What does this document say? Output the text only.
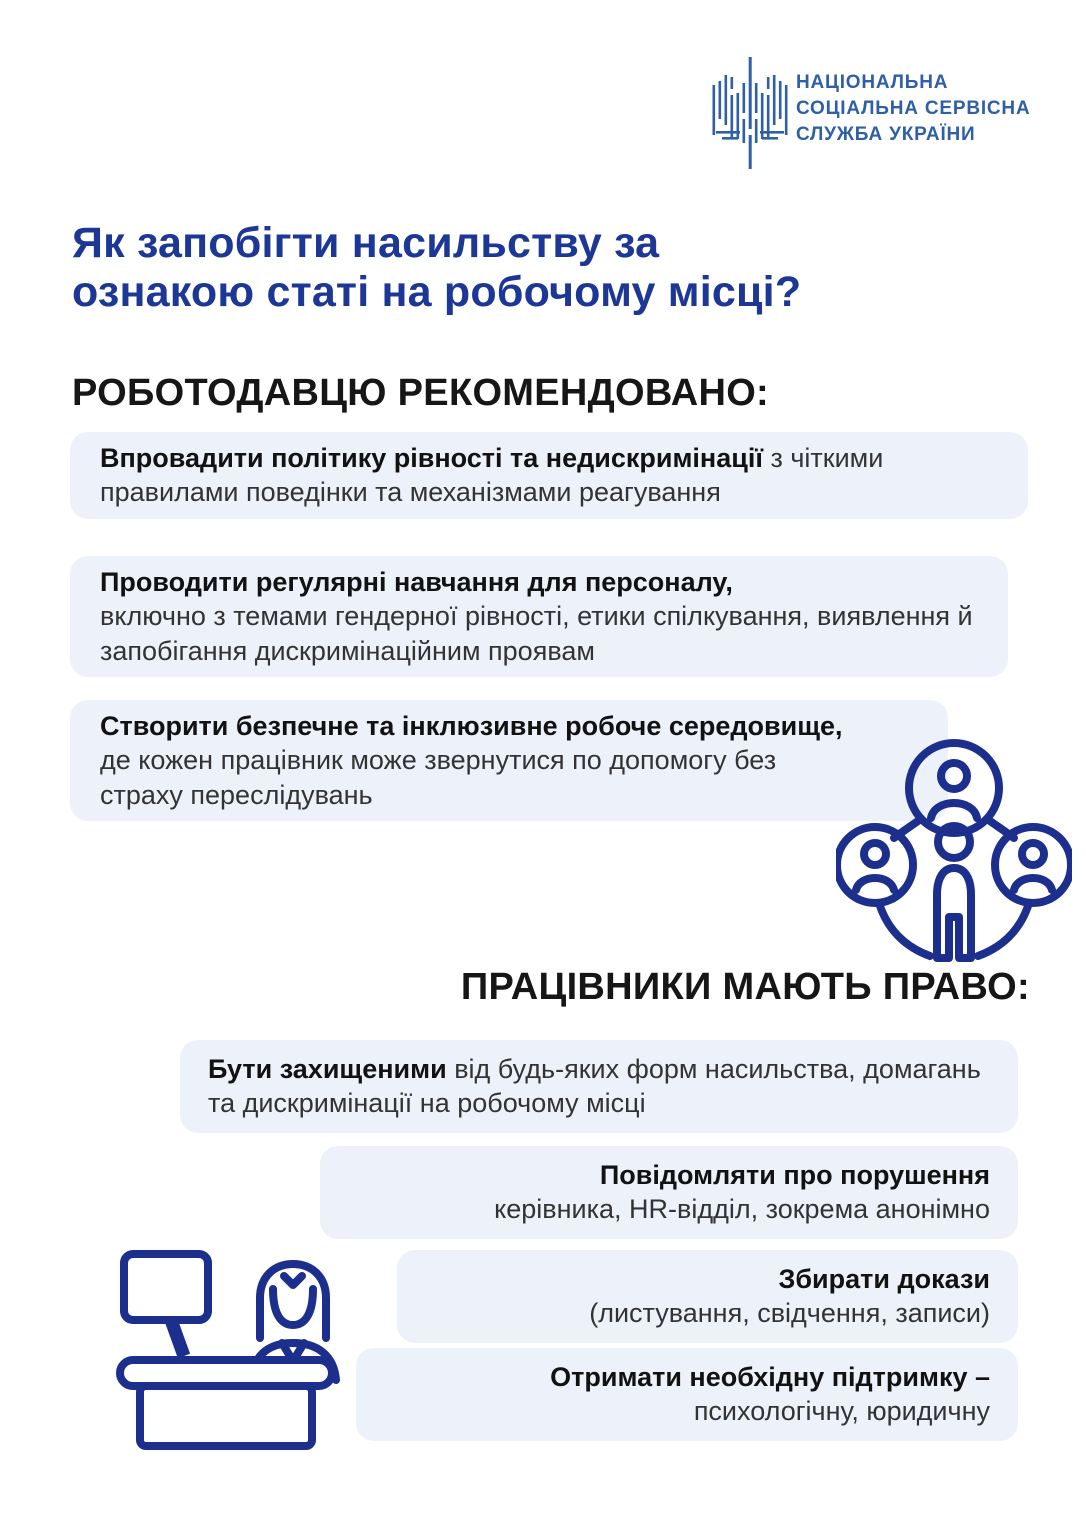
НАЦІОНАЛЬНА
СОЦІАЛЬНА СЕРВІСНА
СЛУЖБА УКРАЇНИ
Як запобігти насильству за
ознакою статі на робочому місці?
РОБОТОДАВЦЮ РЕКОМЕНДОВАНО:
Впровадити політику рівності та недискримінації з чіткими правилами поведінки та механізмами реагування
Проводити регулярні навчання для персоналу,
включно з темами гендерної рівності, етики спілкування, виявлення й запобігання дискримінаційним проявам
Створити безпечне та інклюзивне робоче середовище, де кожен працівник може звернутися по допомогу без страху переслідувань
ПРАЦІВНИКИ МАЮТЬ ПРАВО:
Бути захищеними від будь-яких форм насильства, домагань та дискримінації на робочому місці
Повідомляти про порушення
керівника, HR-відділ, зокрема анонімно
Збирати докази
(листування, свідчення, записи)
Отримати необхідну підтримку –
психологічну, юридичну
